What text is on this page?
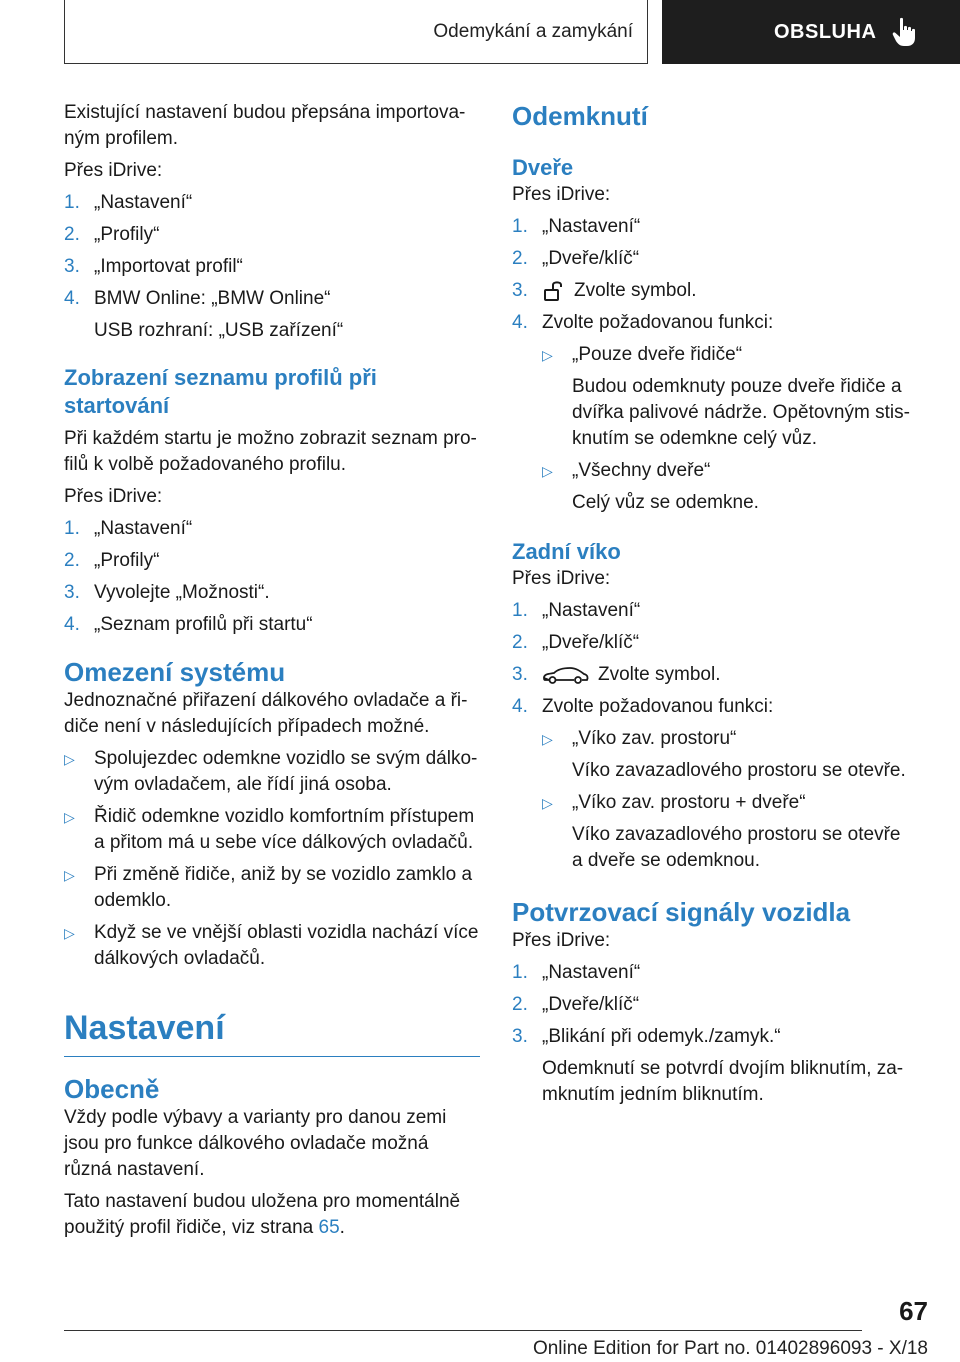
Odemykání a zamykání	OBSLUHA

Existující nastavení budou přepsána importova-ným profilem.

Přes iDrive:

1. „Nastavení“
2. „Profily“
3. „Importovat profil“
4. BMW Online: „BMW Online“
USB rozhraní: „USB zařízení“
Zobrazení seznamu profilů při startování

Při každém startu je možno zobrazit seznam pro-filů k volbě požadovaného profilu.

Přes iDrive:

1. „Nastavení“
2. „Profily“
3. Vyvolejte „Možnosti“.
4. „Seznam profilů při startu“
Omezení systému

Jednoznačné přiřazení dálkového ovladače a ři-diče není v následujících případech možné.

▷	Spolujezdec odemkne vozidlo se svým dálko-vým ovladačem, ale řídí jiná osoba.
▷	Řidič odemkne vozidlo komfortním přístupem a přitom má u sebe více dálkových ovladačů.
▷	Při změně řidiče, aniž by se vozidlo zamklo a odemklo.
▷	Když se ve vnější oblasti vozidla nachází více dálkových ovladačů.
Nastavení
Obecně

Vždy podle výbavy a varianty pro danou zemi jsou pro funkce dálkového ovladače možná různá nastavení.

Tato nastavení budou uložena pro momentálně použitý profil řidiče, viz strana 65.

Odemknutí
Dveře

Přes iDrive:

1. „Nastavení“
2. „Dveře/klíč“
3.	Zvolte symbol.
4. Zvolte požadovanou funkci:
▷	„Pouze dveře řidiče“
Budou odemknuty pouze dveře řidiče a dvířka palivové nádrže. Opětovným stis-knutím se odemkne celý vůz.
▷	„Všechny dveře“
Celý vůz se odemkne.
Zadní víko

Přes iDrive:

1. „Nastavení“
2. „Dveře/klíč“
3.	Zvolte symbol.
4. Zvolte požadovanou funkci:
▷	„Víko zav. prostoru“
Víko zavazadlového prostoru se otevře.
▷	„Víko zav. prostoru + dveře“
Víko zavazadlového prostoru se otevře a dveře se odemknou.
Potvrzovací signály vozidla

Přes iDrive:

1. „Nastavení“
2. „Dveře/klíč“
3. „Blikání při odemyk./zamyk.“
Odemknutí se potvrdí dvojím bliknutím, za-mknutím jedním bliknutím.
67
Online Edition for Part no. 01402896093 - X/18
